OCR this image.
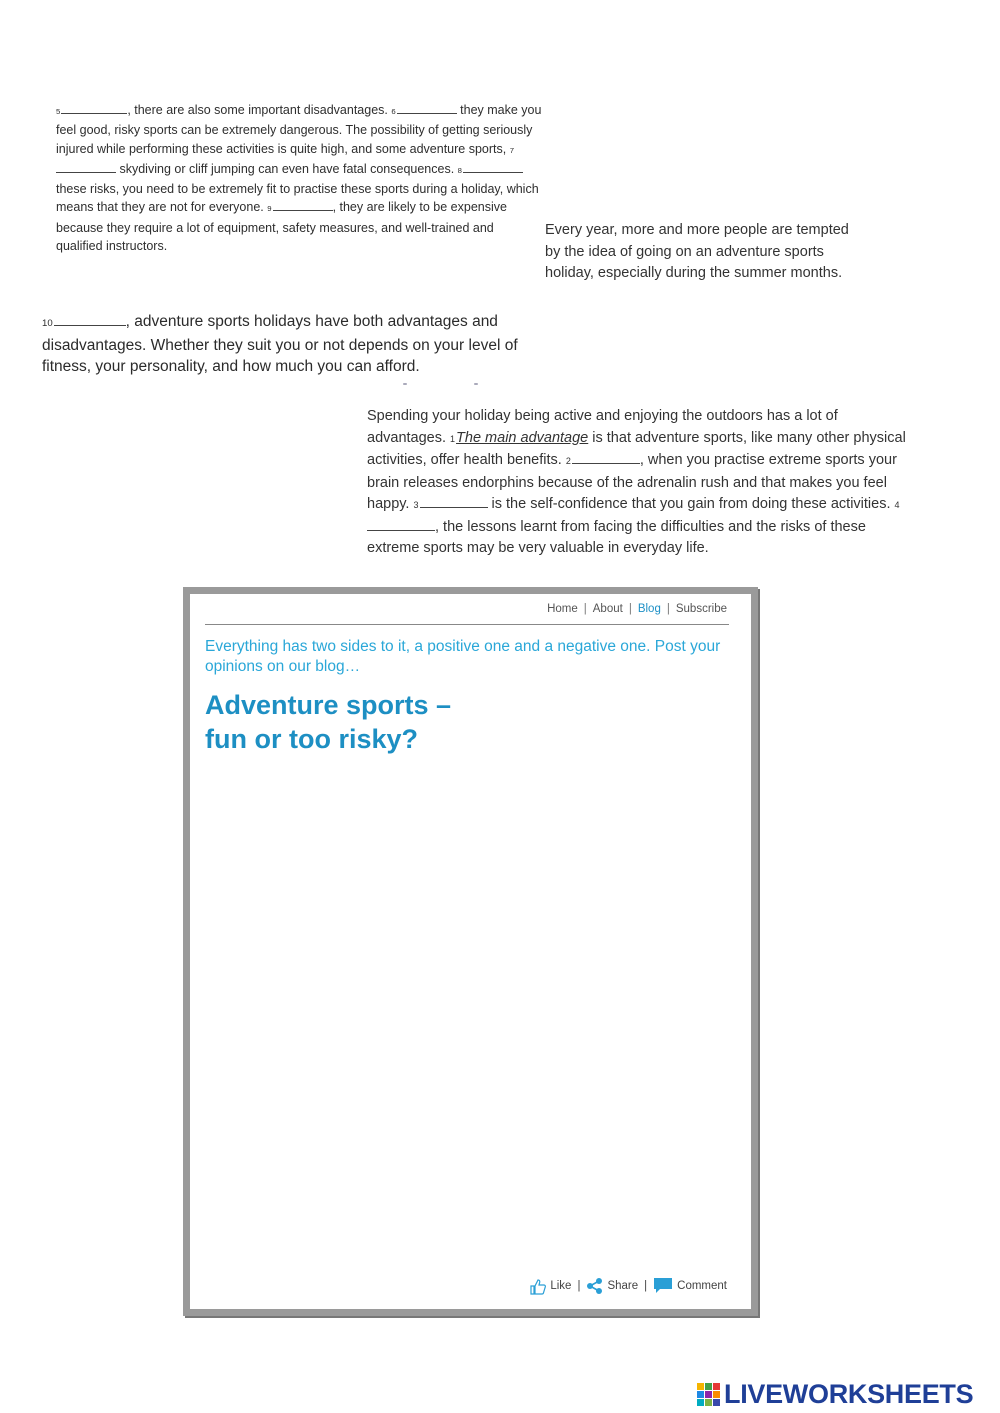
5	, there are also some important disadvantages. 6	they make you feel good, risky sports can be extremely dangerous. The possibility of getting seriously injured while performing these activities is quite high, and some adventure sports, 7 skydiving or cliff jumping can even have fatal consequences. 8 these risks, you need to be extremely fit to practise these sports during a holiday, which means that they are not for everyone. 9	, they are likely to be expensive because they require a lot of equipment, safety measures, and well-trained and qualified instructors.

Every year, more and more people are tempted by the idea of going on an adventure sports holiday, especially during the summer months.

10	, adventure sports holidays have both advantages and disadvantages. Whether they suit you or not depends on your level of fitness, your personality, and how much you can afford.

Spending your holiday being active and enjoying the outdoors has a lot of advantages. 1The main advantage is that adventure sports, like many other physical activities, offer health benefits. 2	, when you practise extreme sports your brain releases endorphins because of the adrenalin rush and that makes you feel happy. 3	is the self-confidence that you gain from doing these activities. 4, the lessons learnt from facing the difficulties and the risks of these extreme sports may be very valuable in everyday life.

Home | About | Blog | Subscribe
Everything has two sides to it, a positive one and a negative one. Post your opinions on our blog…
Adventure sports –
fun or too risky?
Like | Share |	Comment
LIVEWORKSHEETS
